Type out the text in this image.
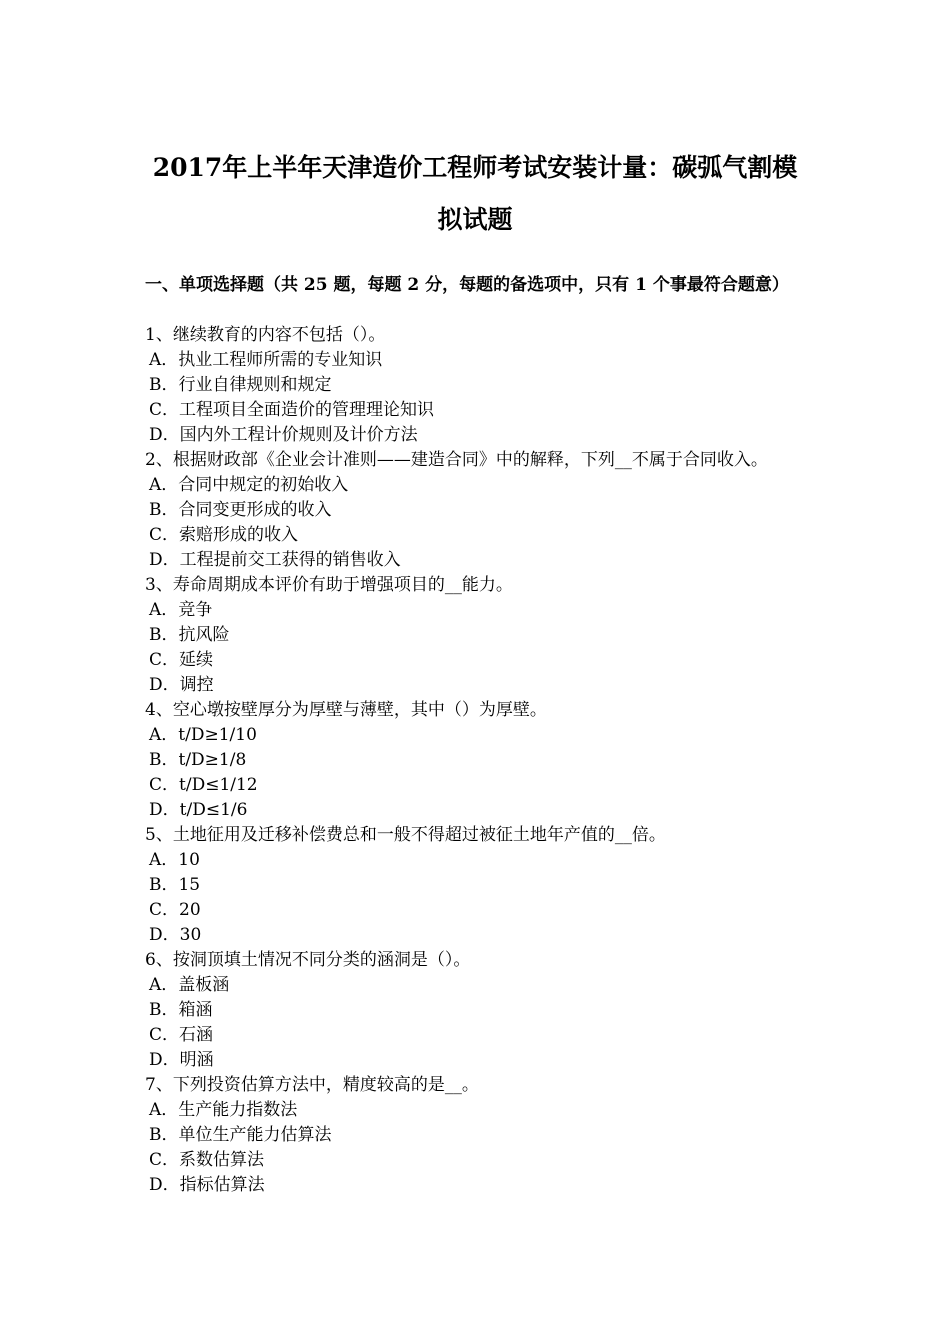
2017年上半年天津造价工程师考试安装计量：碳弧气割模
拟试题
一、单项选择题（共 25 题，每题 2 分，每题的备选项中，只有 1 个事最符合题意）

1、继续教育的内容不包括（）。

A．执业工程师所需的专业知识

B．行业自律规则和规定

C．工程项目全面造价的管理理论知识

D．国内外工程计价规则及计价方法

2、根据财政部《企业会计准则——建造合同》中的解释，下列__不属于合同收入。

A．合同中规定的初始收入

B．合同变更形成的收入

C．索赔形成的收入

D．工程提前交工获得的销售收入

3、寿命周期成本评价有助于增强项目的__能力。

A．竞争

B．抗风险

C．延续

D．调控

4、空心墩按壁厚分为厚壁与薄壁，其中（）为厚壁。

A．t/D≥1/10

B．t/D≥1/8

C．t/D≤1/12

D．t/D≤1/6

5、土地征用及迁移补偿费总和一般不得超过被征土地年产值的__倍。

A．10

B．15

C．20

D．30

6、按洞顶填土情况不同分类的涵洞是（）。

A．盖板涵

B．箱涵

C．石涵

D．明涵

7、下列投资估算方法中，精度较高的是__。

A．生产能力指数法

B．单位生产能力估算法

C．系数估算法

D．指标估算法
